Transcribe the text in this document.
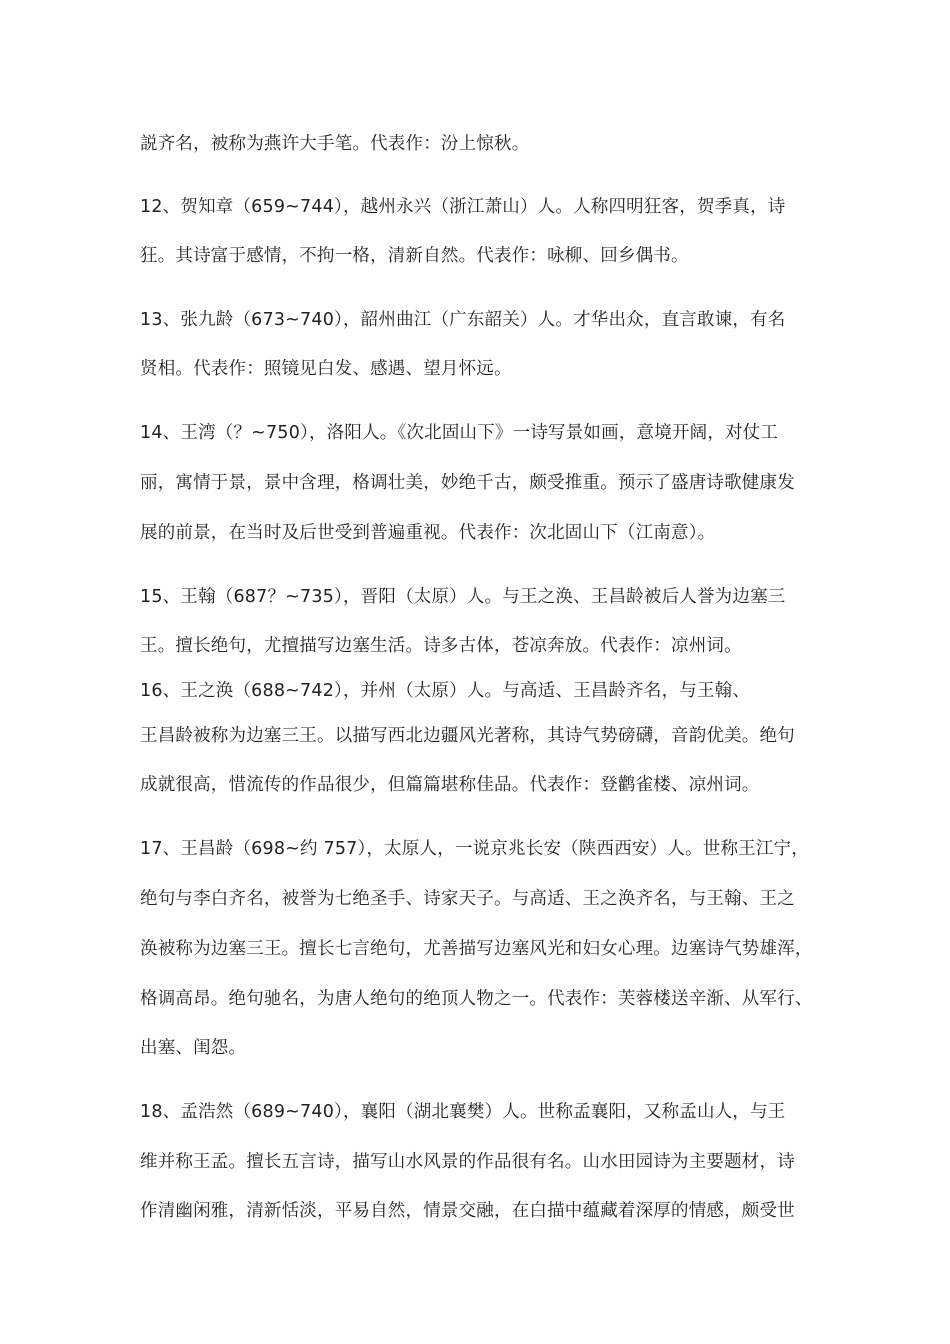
説齐名，被称为燕许大手笔。代表作：汾上惊秋。
12、贺知章（659~744），越州永兴（浙江萧山）人。人称四明狂客，贺季真，诗
狂。其诗富于感情，不拘一格，清新自然。代表作：咏柳、回乡偶书。
13、张九龄（673~740），韶州曲江（广东韶关）人。才华出众，直言敢谏，有名
贤相。代表作：照镜见白发、感遇、望月怀远。
14、王湾（？~750），洛阳人。《次北固山下》一诗写景如画，意境开阔，对仗工
丽，寓情于景，景中含理，格调壮美，妙绝千古，颇受推重。预示了盛唐诗歌健康发
展的前景，在当时及后世受到普遍重视。代表作：次北固山下（江南意）。
15、王翰（687？~735），晋阳（太原）人。与王之涣、王昌龄被后人誉为边塞三
王。擅长绝句，尤擅描写边塞生活。诗多古体，苍凉奔放。代表作：凉州词。
16、王之涣（688~742），并州（太原）人。与高适、王昌龄齐名，与王翰、
王昌龄被称为边塞三王。以描写西北边疆风光著称，其诗气势磅礴，音韵优美。绝句
成就很高，惜流传的作品很少，但篇篇堪称佳品。代表作：登鹳雀楼、凉州词。
17、王昌龄（698~约 757），太原人，一说京兆长安（陕西西安）人。世称王江宁，
绝句与李白齐名，被誉为七绝圣手、诗家天子。与高适、王之涣齐名，与王翰、王之
涣被称为边塞三王。擅长七言绝句，尤善描写边塞风光和妇女心理。边塞诗气势雄浑，
格调高昂。绝句驰名，为唐人绝句的绝顶人物之一。代表作：芙蓉楼送辛渐、从军行、
出塞、闺怨。
18、孟浩然（689~740），襄阳（湖北襄樊）人。世称孟襄阳，又称孟山人，与王
维并称王孟。擅长五言诗，描写山水风景的作品很有名。山水田园诗为主要题材，诗
作清幽闲雅，清新恬淡，平易自然，情景交融，在白描中蕴藏着深厚的情感，颇受世
